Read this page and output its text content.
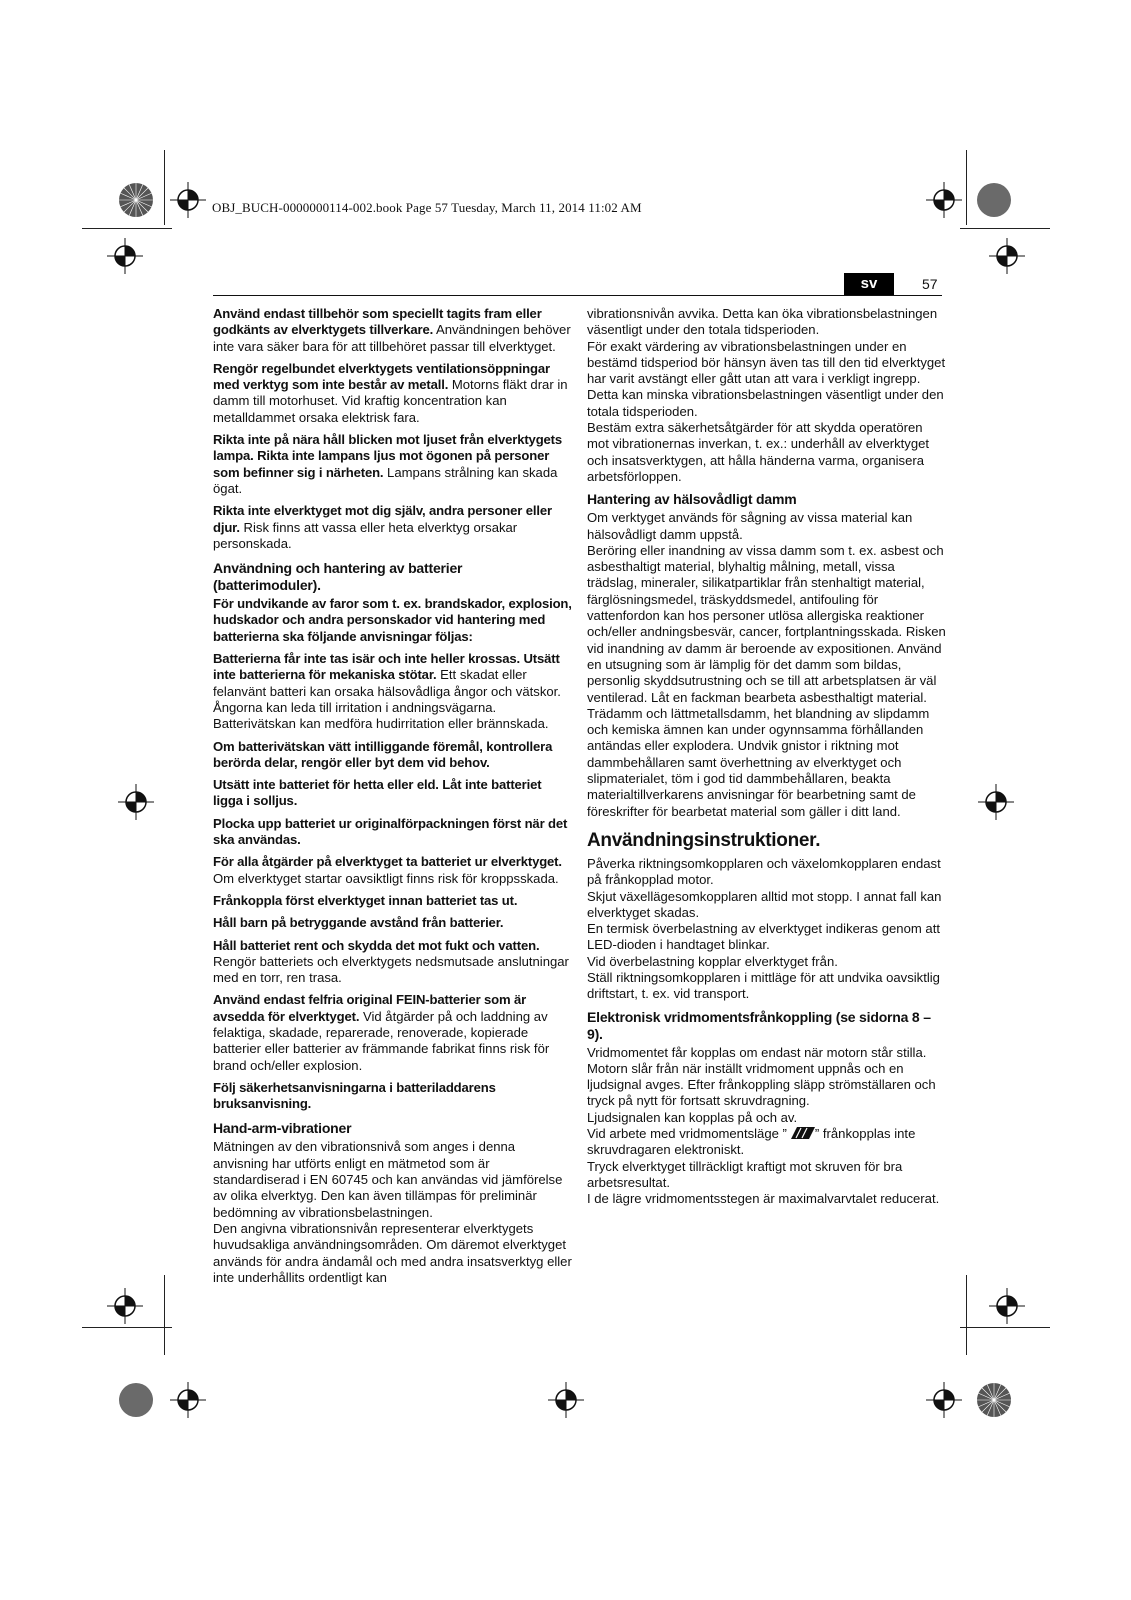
OBJ_BUCH-0000000114-002.book Page 57 Tuesday, March 11, 2014 11:02 AM
sv	57

Använd endast tillbehör som speciellt tagits fram eller godkänts av elverktygets tillverkare. Användningen behöver inte vara säker bara för att tillbehöret passar till elverktyget.

Rengör regelbundet elverktygets ventilationsöppningar med verktyg som inte består av metall. Motorns fläkt drar in damm till motorhuset. Vid kraftig koncentration kan metalldammet orsaka elektrisk fara.

Rikta inte på nära håll blicken mot ljuset från elverktygets lampa. Rikta inte lampans ljus mot ögonen på personer som befinner sig i närheten. Lampans strålning kan skada ögat.

Rikta inte elverktyget mot dig själv, andra personer eller djur. Risk finns att vassa eller heta elverktyg orsakar personskada.

Användning och hantering av batterier (batterimoduler).

För undvikande av faror som t. ex. brandskador, explosion, hudskador och andra personskador vid hantering med batterierna ska följande anvisningar följas:

Batterierna får inte tas isär och inte heller krossas. Utsätt inte batterierna för mekaniska stötar. Ett skadat eller felanvänt batteri kan orsaka hälsovådliga ångor och vätskor. Ångorna kan leda till irritation i andningsvägarna. Batterivätskan kan medföra hudirritation eller brännskada.

Om batterivätskan vätt intilliggande föremål, kontrollera berörda delar, rengör eller byt dem vid behov.

Utsätt inte batteriet för hetta eller eld. Låt inte batteriet ligga i solljus.

Plocka upp batteriet ur originalförpackningen först när det ska användas.

För alla åtgärder på elverktyget ta batteriet ur elverktyget. Om elverktyget startar oavsiktligt finns risk för kroppsskada.

Frånkoppla först elverktyget innan batteriet tas ut.

Håll barn på betryggande avstånd från batterier.

Håll batteriet rent och skydda det mot fukt och vatten. Rengör batteriets och elverktygets nedsmutsade anslutningar med en torr, ren trasa.

Använd endast felfria original FEIN-batterier som är avsedda för elverktyget. Vid åtgärder på och laddning av felaktiga, skadade, reparerade, renoverade, kopierade batterier eller batterier av främmande fabrikat finns risk för brand och/eller explosion.

Följ säkerhetsanvisningarna i batteriladdarens bruksanvisning.

Hand-arm-vibrationer

Mätningen av den vibrationsnivå som anges i denna anvisning har utförts enligt en mätmetod som är standardiserad i EN 60745 och kan användas vid jämförelse av olika elverktyg. Den kan även tillämpas för preliminär bedömning av vibrationsbelastningen.

Den angivna vibrationsnivån representerar elverktygets huvudsakliga användningsområden. Om däremot elverktyget används för andra ändamål och med andra insatsverktyg eller inte underhållits ordentligt kan

vibrationsnivån avvika. Detta kan öka vibrationsbelastningen väsentligt under den totala tidsperioden.

För exakt värdering av vibrationsbelastningen under en bestämd tidsperiod bör hänsyn även tas till den tid elverktyget har varit avstängt eller gått utan att vara i verkligt ingrepp. Detta kan minska vibrationsbelastningen väsentligt under den totala tidsperioden.

Bestäm extra säkerhetsåtgärder för att skydda operatören mot vibrationernas inverkan, t. ex.: underhåll av elverktyget och insatsverktygen, att hålla händerna varma, organisera arbetsförloppen.

Hantering av hälsovådligt damm

Om verktyget används för sågning av vissa material kan hälsovådligt damm uppstå.

Beröring eller inandning av vissa damm som t. ex. asbest och asbesthaltigt material, blyhaltig målning, metall, vissa trädslag, mineraler, silikatpartiklar från stenhaltigt material, färglösningsmedel, träskyddsmedel, antifouling för vattenfordon kan hos personer utlösa allergiska reaktioner och/eller andningsbesvär, cancer, fortplantningsskada. Risken vid inandning av damm är beroende av expositionen. Använd en utsugning som är lämplig för det damm som bildas, personlig skyddsutrustning och se till att arbetsplatsen är väl ventilerad. Låt en fackman bearbeta asbesthaltigt material.

Trädamm och lättmetallsdamm, het blandning av slipdamm och kemiska ämnen kan under ogynnsamma förhållanden antändas eller explodera. Undvik gnistor i riktning mot dammbehållaren samt överhettning av elverktyget och slipmaterialet, töm i god tid dammbehållaren, beakta materialtillverkarens anvisningar för bearbetning samt de föreskrifter för bearbetat material som gäller i ditt land.

Användningsinstruktioner.

Påverka riktningsomkopplaren och växelomkopplaren endast på frånkopplad motor.

Skjut växellägesomkopplaren alltid mot stopp. I annat fall kan elverktyget skadas.

En termisk överbelastning av elverktyget indikeras genom att LED-dioden i handtaget blinkar.

Vid överbelastning kopplar elverktyget från.

Ställ riktningsomkopplaren i mittläge för att undvika oavsiktlig driftstart, t. ex. vid transport.

Elektronisk vridmomentsfrånkoppling (se sidorna 8 – 9).

Vridmomentet får kopplas om endast när motorn står stilla.

Motorn slår från när inställt vridmoment uppnås och en ljudsignal avges. Efter frånkoppling släpp strömställaren och tryck på nytt för fortsatt skruvdragning.

Ljudsignalen kan kopplas på och av.

Vid arbete med vridmomentsläge ” ” frånkopplas inte skruvdragaren elektroniskt.

Tryck elverktyget tillräckligt kraftigt mot skruven för bra arbetsresultat.

I de lägre vridmomentsstegen är maximalvarvtalet reducerat.
